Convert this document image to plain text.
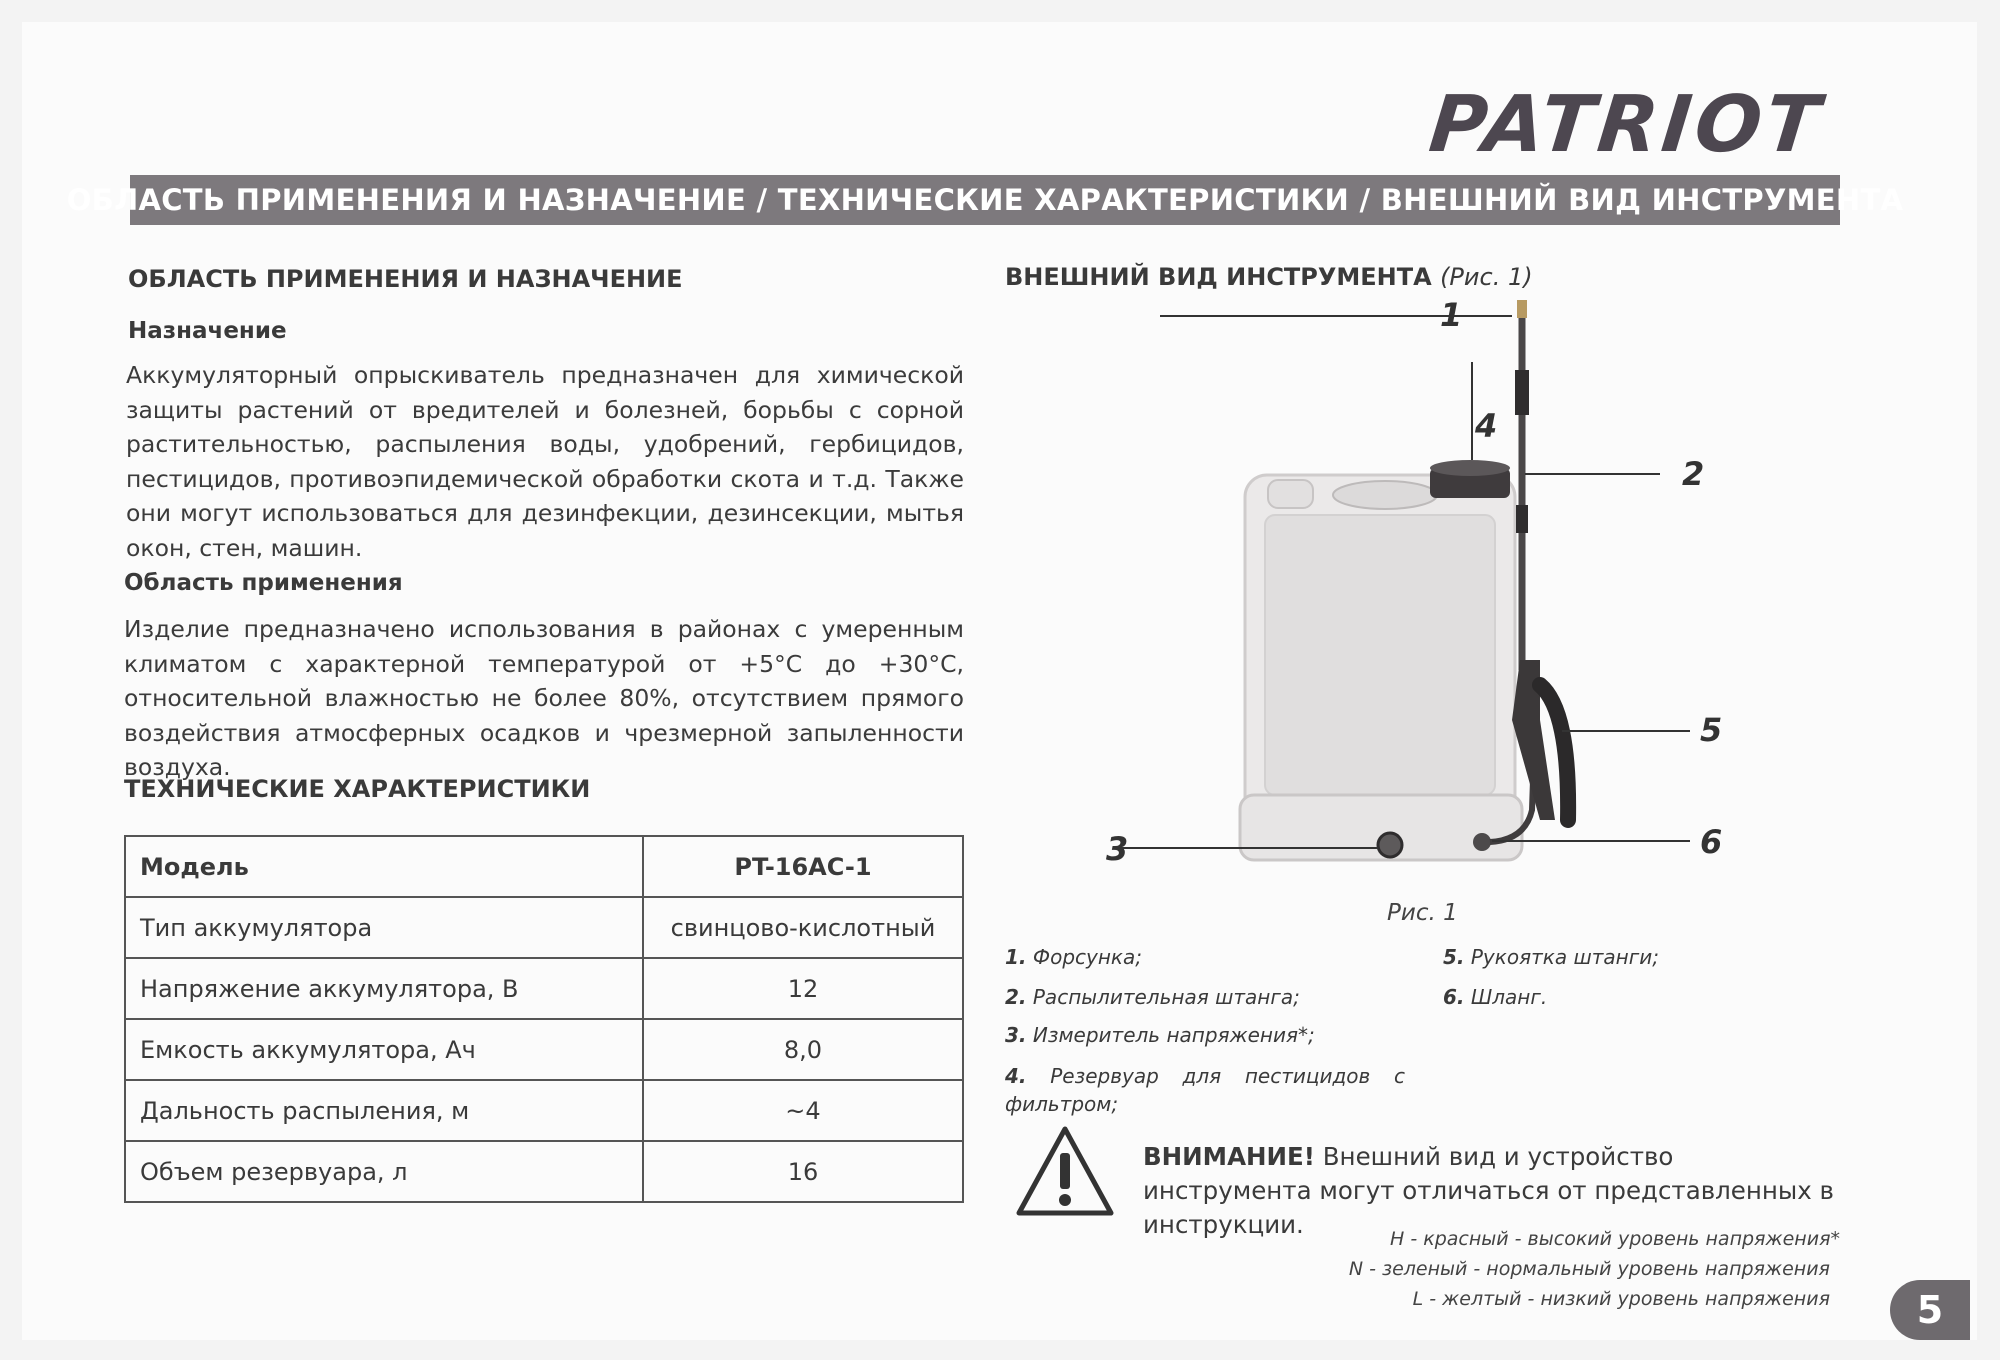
PATRIOT
ОБЛАСТЬ ПРИМЕНЕНИЯ И НАЗНАЧЕНИЕ / ТЕХНИЧЕСКИЕ ХАРАКТЕРИСТИКИ / ВНЕШНИЙ ВИД ИНСТРУМЕНТА
ОБЛАСТЬ ПРИМЕНЕНИЯ И НАЗНАЧЕНИЕ
Назначение
Аккумуляторный опрыскиватель предназначен для химической защиты растений от вредителей и болезней, борьбы с сорной растительностью, распыления воды, удобрений, гербицидов, пестицидов, противоэпидемической обработки скота и т.д. Также они могут использоваться для дезинфекции, дезинсекции, мытья окон, стен, машин.
Область применения
Изделие предназначено использования в районах с умеренным климатом с характерной температурой от +5°С до +30°С, относительной влажностью не более 80%, отсутствием прямого воздействия атмосферных осадков и чрезмерной запыленности воздуха.
ТЕХНИЧЕСКИЕ ХАРАКТЕРИСТИКИ
Модель	PT-16AC-1
Тип аккумулятора	свинцово-кислотный
Напряжение аккумулятора, В	12
Емкость аккумулятора, Ач	8,0
Дальность распыления, м	~4
Объем резервуара, л	16
ВНЕШНИЙ ВИД ИНСТРУМЕНТА (Рис. 1)
1
2
3
4
5
6
Рис. 1
1. Форсунка;
2. Распылительная штанга;
3. Измеритель напряжения*;
4. Резервуар для пестицидов с фильтром;
5. Рукоятка штанги;
6. Шланг.
ВНИМАНИЕ! Внешний вид и устройство инструмента могут отличаться от представленных в инструкции.	H - красный - высокий уровень напряжения*
N - зеленый - нормальный уровень напряжения
L - желтый - низкий уровень напряжения	5
